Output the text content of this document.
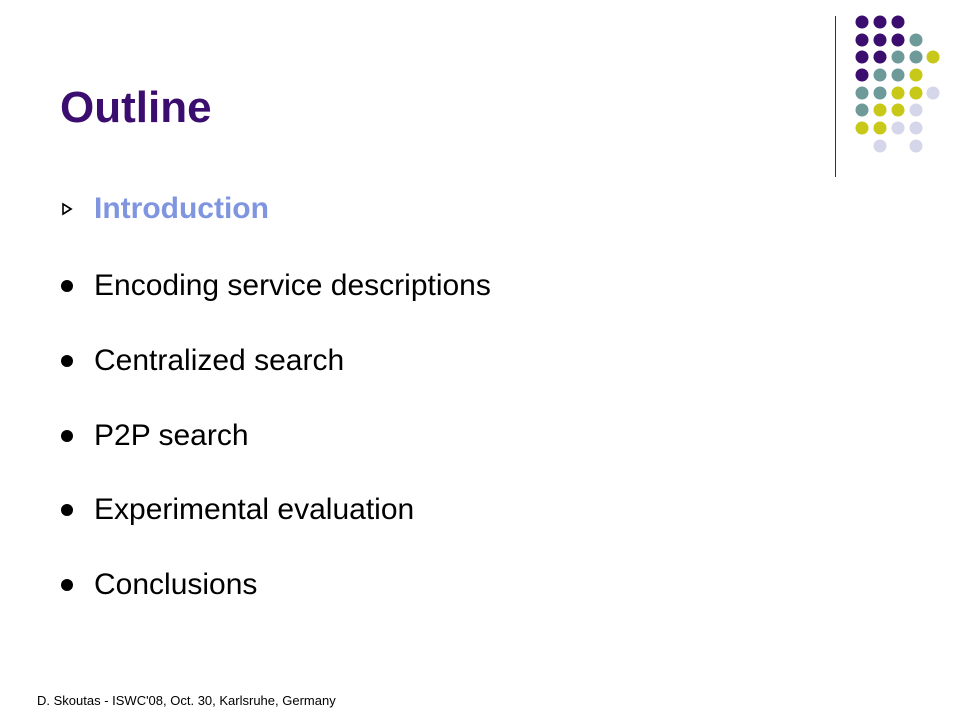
Outline
Introduction
Encoding service descriptions
Centralized search
P2P search
Experimental evaluation
Conclusions
D. Skoutas - ISWC'08, Oct. 30, Karlsruhe, Germany
